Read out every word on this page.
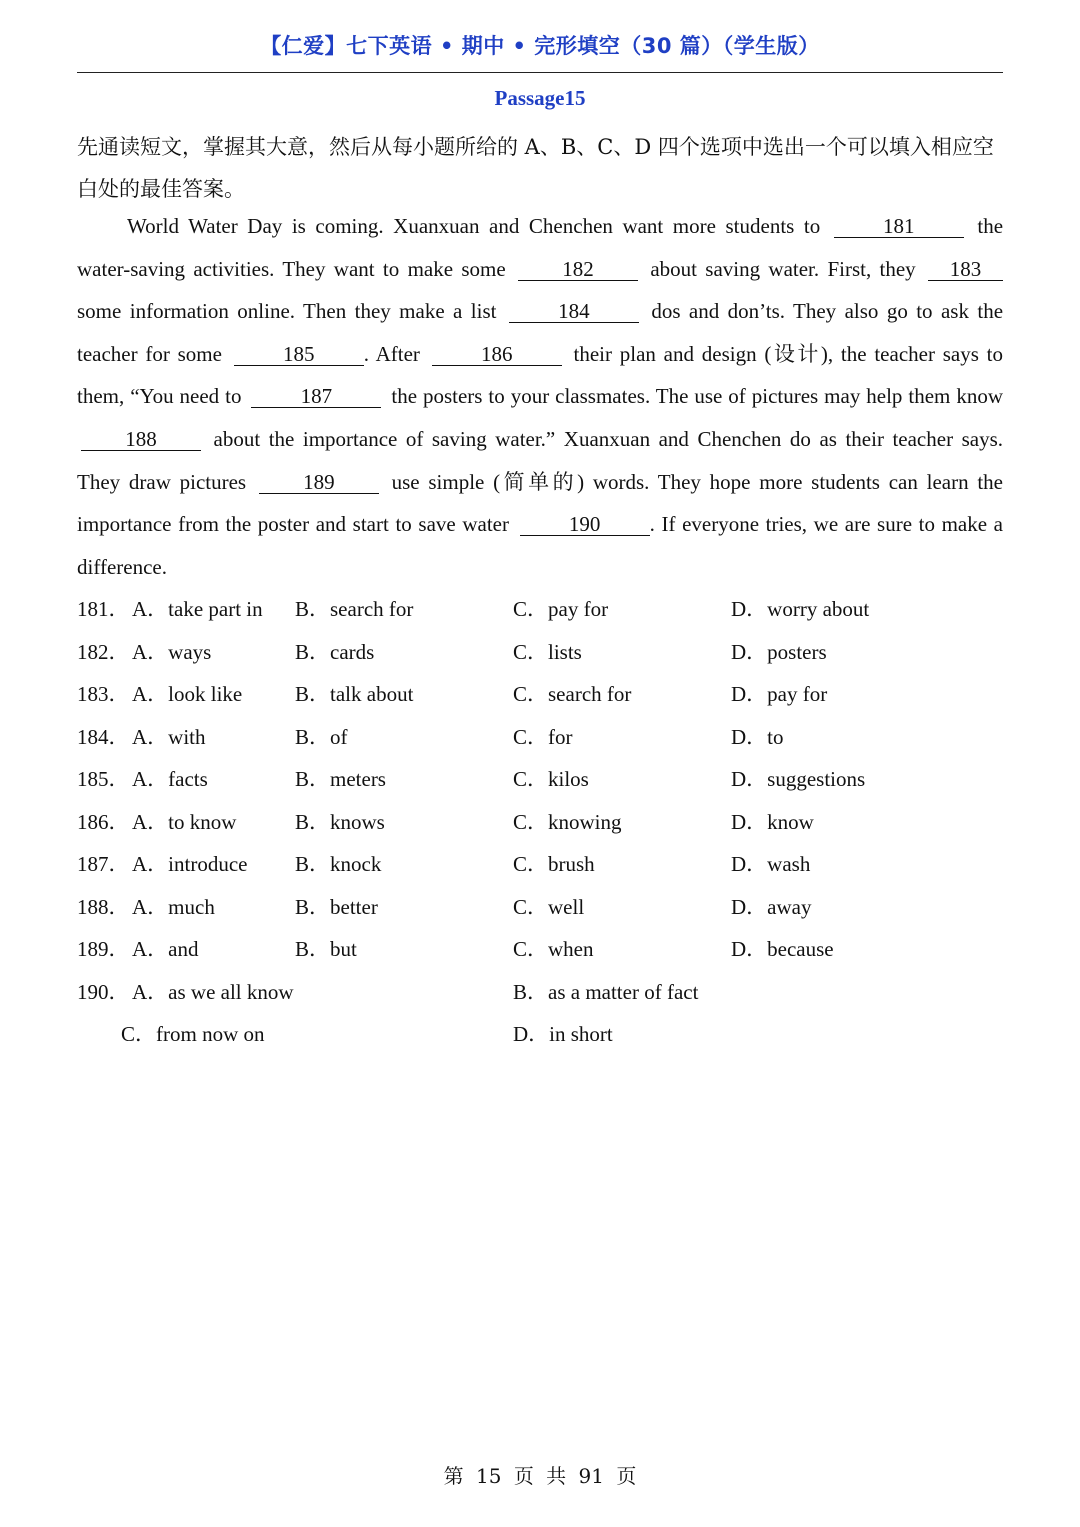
【仁爱】七下英语 • 期中 • 完形填空（30 篇）（学生版）
Passage15
先通读短文，掌握其大意，然后从每小题所给的 A、B、C、D 四个选项中选出一个可以填入相应空白处的最佳答案。
World Water Day is coming. Xuanxuan and Chenchen want more students to	181	the water-saving activities. They want to make some	182	about saving water. First, they 183 some information online. Then they make a list	184	dos and don’ts. They also go to ask the teacher for some	185 . After	186	their plan and design (设计), the teacher says to them, “You need to	187	the posters to your classmates. The use of pictures may help them know 188	about the importance of saving water.” Xuanxuan and Chenchen do as their teacher says. They draw pictures	189	use simple (简单的) words. They hope more students can learn the importance from the poster and start to save water	190 . If everyone tries, we are sure to make a difference.
181． A．take part in B．search for	C．pay for	D．worry about
182． A．ways	B．cards	C．lists	D．posters
183． A．look like	B．talk about	C．search for	D．pay for
184． A．with	B．of	C．for	D．to
185． A．facts	B．meters	C．kilos	D．suggestions
186． A．to know	B．knows	C．knowing	D．know
187． A．introduce B．knock	C．brush	D．wash
188． A．much	B．better	C．well	D．away
189． A．and	B．but	C．when	D．because
190． A．as we all know	B．as a matter of fact
C．from now on	D．in short
第 15 页 共 91 页
